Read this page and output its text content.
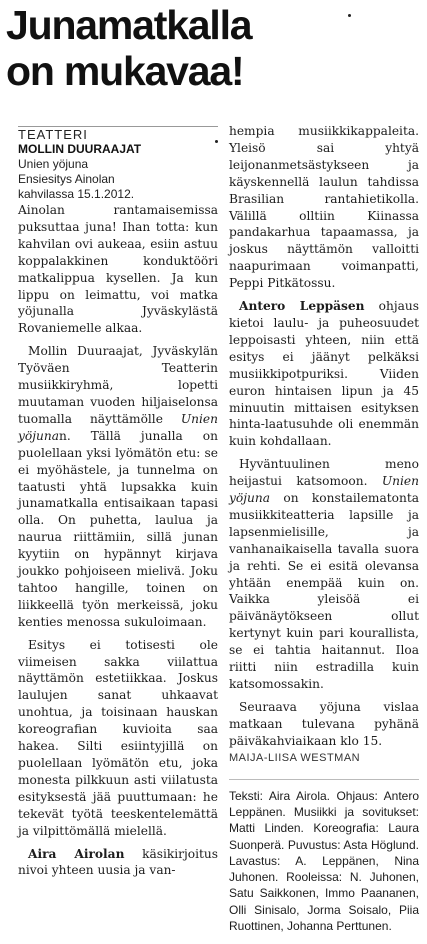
Junamatkalla
on mukavaa!
TEATTERI
MOLLIN DUURAAJAT
Unien yöjuna
Ensiesitys Ainolan
kahvilassa 15.1.2012.

Ainolan rantamaisemissa puksuttaa juna! Ihan totta: kun kahvilan ovi aukeaa, esiin astuu koppalakkinen konduktööri matkalippua kysellen. Ja kun lippu on leimattu, voi matka yöjunalla Jyväskylästä Rovaniemelle alkaa.

Mollin Duuraajat, Jyväskylän Työväen Teatterin musiikkiryhmä, lopetti muutaman vuoden hiljaiselonsa tuomalla näyttämölle Unien yöjunan. Tällä junalla on puolellaan yksi lyömätön etu: se ei myöhästele, ja tunnelma on taatusti yhtä lupsakka kuin junamatkalla entisaikaan tapasi olla. On puhetta, laulua ja naurua riittämiin, sillä junan kyytiin on hypännyt kirjava joukko pohjoiseen mielivä. Joku tahtoo hangille, toinen on liikkeellä työn merkeissä, joku kenties menossa sukuloimaan.

Esitys ei totisesti ole viimeisen sakka viilattua näyttämön estetiikkaa. Joskus laulujen sanat uhkaavat unohtua, ja toisinaan hauskan koreografian kuvioita saa hakea. Silti esiintyjillä on puolellaan lyömätön etu, joka monesta pilkkuun asti viilatusta esityksestä jää puuttumaan: he tekevät työtä teeskentelemättä ja vilpittömällä mielellä.

Aira Airolan käsikirjoitus nivoi yhteen uusia ja van-

hempia musiikkikappaleita. Yleisö sai yhtyä leijonanmetsästykseen ja käyskennellä laulun tahdissa Brasilian rantahietikolla. Välillä olltiin Kiinassa pandakarhua tapaamassa, ja joskus näyttämön valloitti naapurimaan voimanpatti, Peppi Pitkätossu.

Antero Leppäsen ohjaus kietoi laulu- ja puheosuudet leppoisasti yhteen, niin että esitys ei jäänyt pelkäksi musiikkipotpuriksi. Viiden euron hintaisen lipun ja 45 minuutin mittaisen esityksen hinta-laatusuhde oli enemmän kuin kohdallaan.

Hyväntuulinen meno heijastui katsomoon. Unien yöjuna on konstailematonta musiikkiteatteria lapsille ja lapsenmielisille, ja vanhanaikaisella tavalla suora ja rehti. Se ei esitä olevansa yhtään enempää kuin on. Vaikka yleisöä ei päivänäytökseen ollut kertynyt kuin pari kourallista, se ei tahtia haitannut. Iloa riitti niin estradilla kuin katsomossakin.

Seuraava yöjuna vislaa matkaan tulevana pyhänä päiväkahviaikaan klo 15.

MAIJA-LIISA WESTMAN
Teksti: Aira Airola. Ohjaus: Antero Leppänen. Musiikki ja sovitukset: Matti Linden. Koreografia: Laura Suonperä. Puvustus: Asta Höglund. Lavastus: A. Leppänen, Nina Juhonen. Rooleissa: N. Juhonen, Satu Saikkonen, Immo Paananen, Olli Sinisalo, Jorma Soisalo, Piia Ruottinen, Johanna Perttunen.
